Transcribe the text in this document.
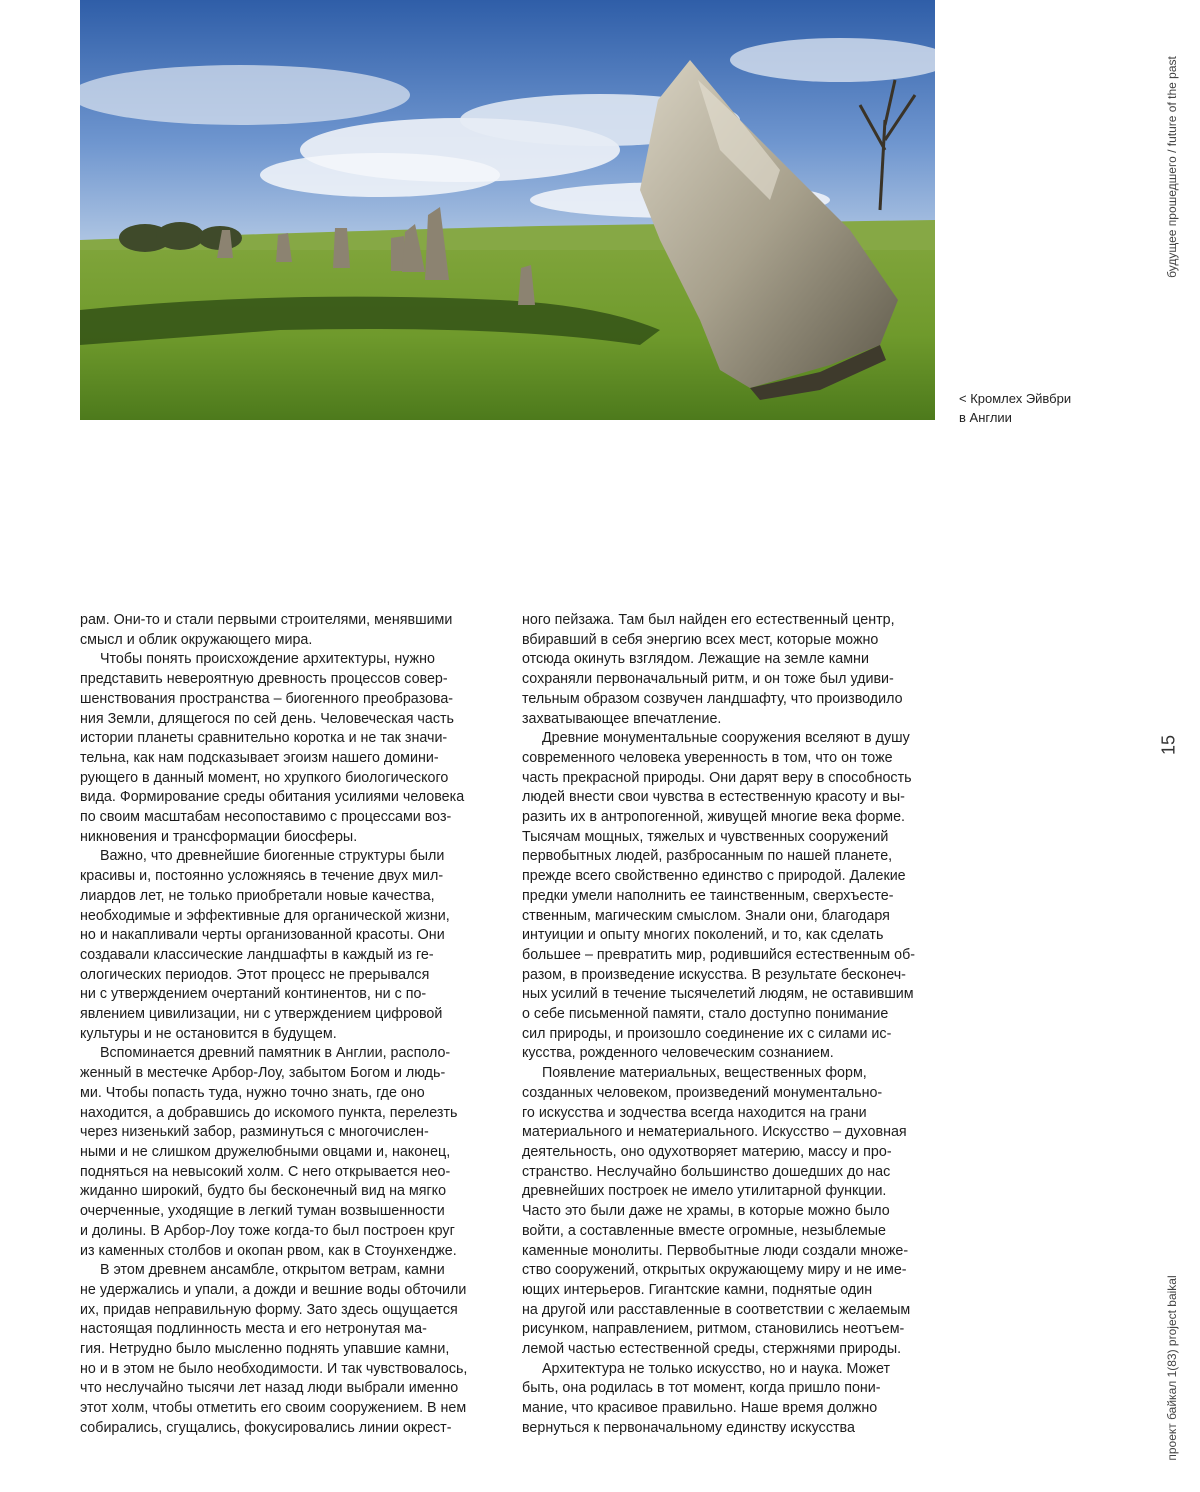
< Кромлех Эйвбри
в Англии
будущее прошедшего / future of the past
15
проект байкал 1(83) project baikal
рам. Они-то и стали первыми строителями, менявшими
смысл и облик окружающего мира.
Чтобы понять происхождение архитектуры, нужно
представить невероятную древность процессов совер-
шенствования пространства – биогенного преобразова-
ния Земли, длящегося по сей день. Человеческая часть
истории планеты сравнительно коротка и не так значи-
тельна, как нам подсказывает эгоизм нашего домини-
рующего в данный момент, но хрупкого биологического
вида. Формирование среды обитания усилиями человека
по своим масштабам несопоставимо с процессами воз-
никновения и трансформации биосферы.
Важно, что древнейшие биогенные структуры были
красивы и, постоянно усложняясь в течение двух мил-
лиардов лет, не только приобретали новые качества,
необходимые и эффективные для органической жизни,
но и накапливали черты организованной красоты. Они
создавали классические ландшафты в каждый из ге-
ологических периодов. Этот процесс не прерывался
ни с утверждением очертаний континентов, ни с по-
явлением цивилизации, ни с утверждением цифровой
культуры и не остановится в будущем.
Вспоминается древний памятник в Англии, располо-
женный в местечке Арбор-Лоу, забытом Богом и людь-
ми. Чтобы попасть туда, нужно точно знать, где оно
находится, а добравшись до искомого пункта, перелезть
через низенький забор, разминуться с многочислен-
ными и не слишком дружелюбными овцами и, наконец,
подняться на невысокий холм. С него открывается нео-
жиданно широкий, будто бы бесконечный вид на мягко
очерченные, уходящие в легкий туман возвышенности
и долины. В Арбор-Лоу тоже когда-то был построен круг
из каменных столбов и окопан рвом, как в Стоунхендже.
В этом древнем ансамбле, открытом ветрам, камни
не удержались и упали, а дожди и вешние воды обточили
их, придав неправильную форму. Зато здесь ощущается
настоящая подлинность места и его нетронутая ма-
гия. Нетрудно было мысленно поднять упавшие камни,
но и в этом не было необходимости. И так чувствовалось,
что неслучайно тысячи лет назад люди выбрали именно
этот холм, чтобы отметить его своим сооружением. В нем
собирались, сгущались, фокусировались линии окрест-
ного пейзажа. Там был найден его естественный центр,
вбиравший в себя энергию всех мест, которые можно
отсюда окинуть взглядом. Лежащие на земле камни
сохраняли первоначальный ритм, и он тоже был удиви-
тельным образом созвучен ландшафту, что производило
захватывающее впечатление.
Древние монументальные сооружения вселяют в душу
современного человека уверенность в том, что он тоже
часть прекрасной природы. Они дарят веру в способность
людей внести свои чувства в естественную красоту и вы-
разить их в антропогенной, живущей многие века форме.
Тысячам мощных, тяжелых и чувственных сооружений
первобытных людей, разбросанным по нашей планете,
прежде всего свойственно единство с природой. Далекие
предки умели наполнить ее таинственным, сверхъесте-
ственным, магическим смыслом. Знали они, благодаря
интуиции и опыту многих поколений, и то, как сделать
большее – превратить мир, родившийся естественным об-
разом, в произведение искусства. В результате бесконеч-
ных усилий в течение тысячелетий людям, не оставившим
о себе письменной памяти, стало доступно понимание
сил природы, и произошло соединение их с силами ис-
кусства, рожденного человеческим сознанием.
Появление материальных, вещественных форм,
созданных человеком, произведений монументально-
го искусства и зодчества всегда находится на грани
материального и нематериального. Искусство – духовная
деятельность, оно одухотворяет материю, массу и про-
странство. Неслучайно большинство дошедших до нас
древнейших построек не имело утилитарной функции.
Часто это были даже не храмы, в которые можно было
войти, а составленные вместе огромные, незыблемые
каменные монолиты. Первобытные люди создали множе-
ство сооружений, открытых окружающему миру и не име-
ющих интерьеров. Гигантские камни, поднятые один
на другой или расставленные в соответствии с желаемым
рисунком, направлением, ритмом, становились неотъем-
лемой частью естественной среды, стержнями природы.
Архитектура не только искусство, но и наука. Может
быть, она родилась в тот момент, когда пришло пони-
мание, что красивое правильно. Наше время должно
вернуться к первоначальному единству искусства
